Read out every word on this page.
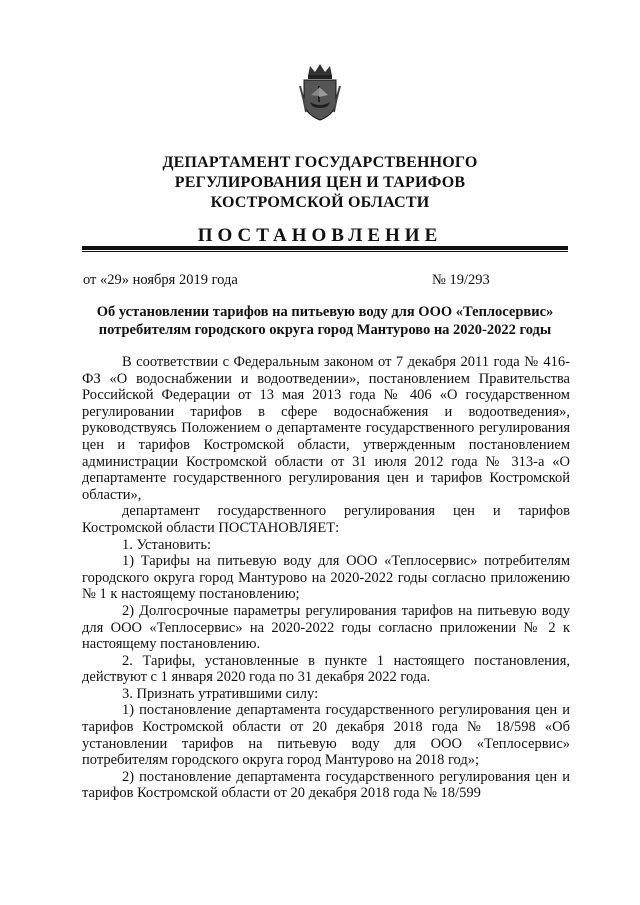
ДЕПАРТАМЕНТ ГОСУДАРСТВЕННОГО
РЕГУЛИРОВАНИЯ ЦЕН И ТАРИФОВ
КОСТРОМСКОЙ ОБЛАСТИ
ПОСТАНОВЛЕНИЕ
от «29» ноября 2019 года	№ 19/293
Об установлении тарифов на питьевую воду для ООО «Теплосервис»
потребителям городского округа город Мантурово на 2020-2022 годы

В соответствии с Федеральным законом от 7 декабря 2011 года № 416-ФЗ «О водоснабжении и водоотведении», постановлением Правительства Российской Федерации от 13 мая 2013 года № 406 «О государственном регулировании тарифов в сфере водоснабжения и водоотведения», руководствуясь Положением о департаменте государственного регулирования цен и тарифов Костромской области, утвержденным постановлением администрации Костромской области от 31 июля 2012 года № 313-а «О департаменте государственного регулирования цен и тарифов Костромской области»,

департамент государственного регулирования цен и тарифов Костромской области ПОСТАНОВЛЯЕТ:

1. Установить:

1) Тарифы на питьевую воду для ООО «Теплосервис» потребителям городского округа город Мантурово на 2020-2022 годы согласно приложению № 1 к настоящему постановлению;

2) Долгосрочные параметры регулирования тарифов на питьевую воду для ООО «Теплосервис» на 2020-2022 годы согласно приложении № 2 к настоящему постановлению.

2. Тарифы, установленные в пункте 1 настоящего постановления, действуют с 1 января 2020 года по 31 декабря 2022 года.

3. Признать утратившими силу:

1) постановление департамента государственного регулирования цен и тарифов Костромской области от 20 декабря 2018 года № 18/598 «Об установлении тарифов на питьевую воду для ООО «Теплосервис» потребителям городского округа город Мантурово на 2018 год»;

2) постановление департамента государственного регулирования цен и тарифов Костромской области от 20 декабря 2018 года № 18/599
